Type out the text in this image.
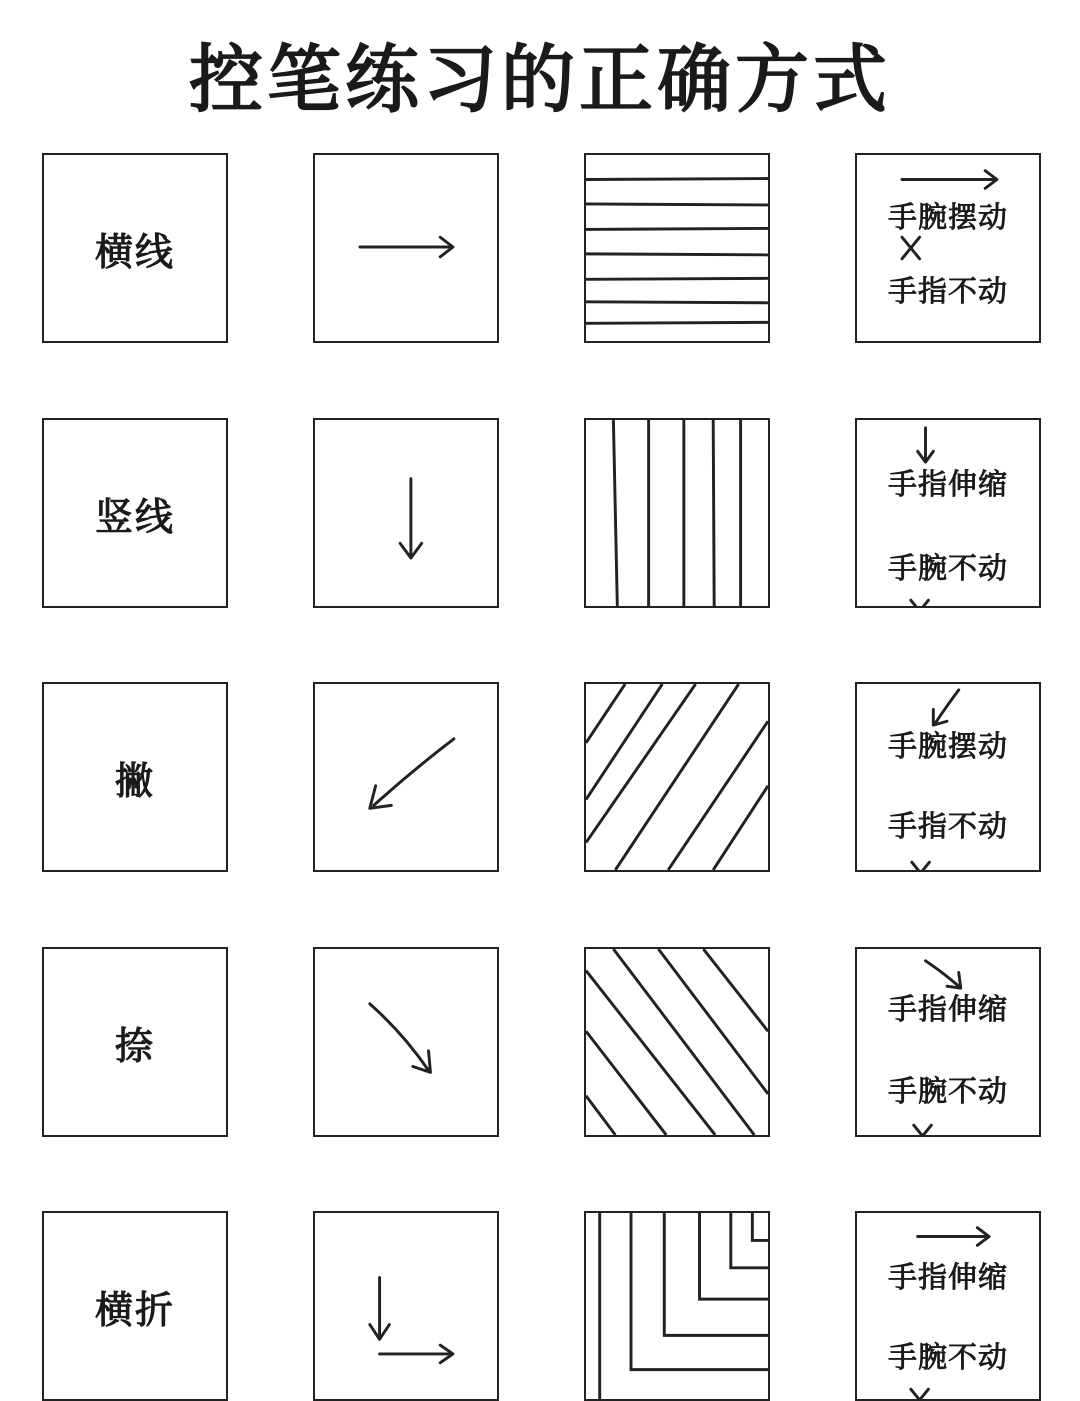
控笔练习的正确方式
横线
手腕摆动
手指不动
竖线
手指伸缩
手腕不动
撇
手腕摆动
手指不动
捺
手指伸缩
手腕不动
横折
手指伸缩
手腕不动
